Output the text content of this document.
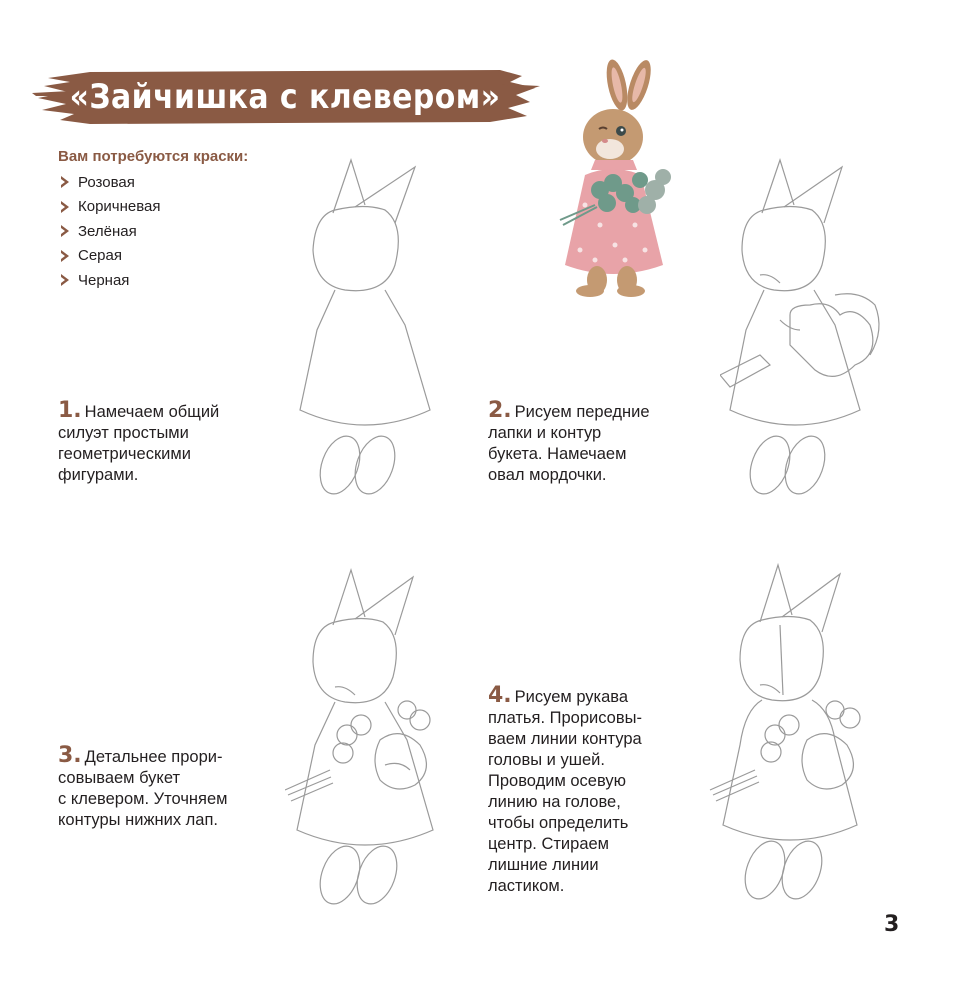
«Зайчишка с клевером»

Вам потребуются краски:

Розовая
Коричневая
Зелёная
Серая
Черная

1. Намечаем общий

силуэт простыми

геометрическими

фигурами.

2. Рисуем передние

лапки и контур

букета. Намечаем

овал мордочки.

3. Детальнее прори-

совываем букет

с клевером. Уточняем

контуры нижних лап.

4. Рисуем рукава

платья. Прорисовы-

ваем линии контура

головы и ушей.

Проводим осевую

линию на голове,

чтобы определить

центр. Стираем

лишние линии

ластиком.

3
